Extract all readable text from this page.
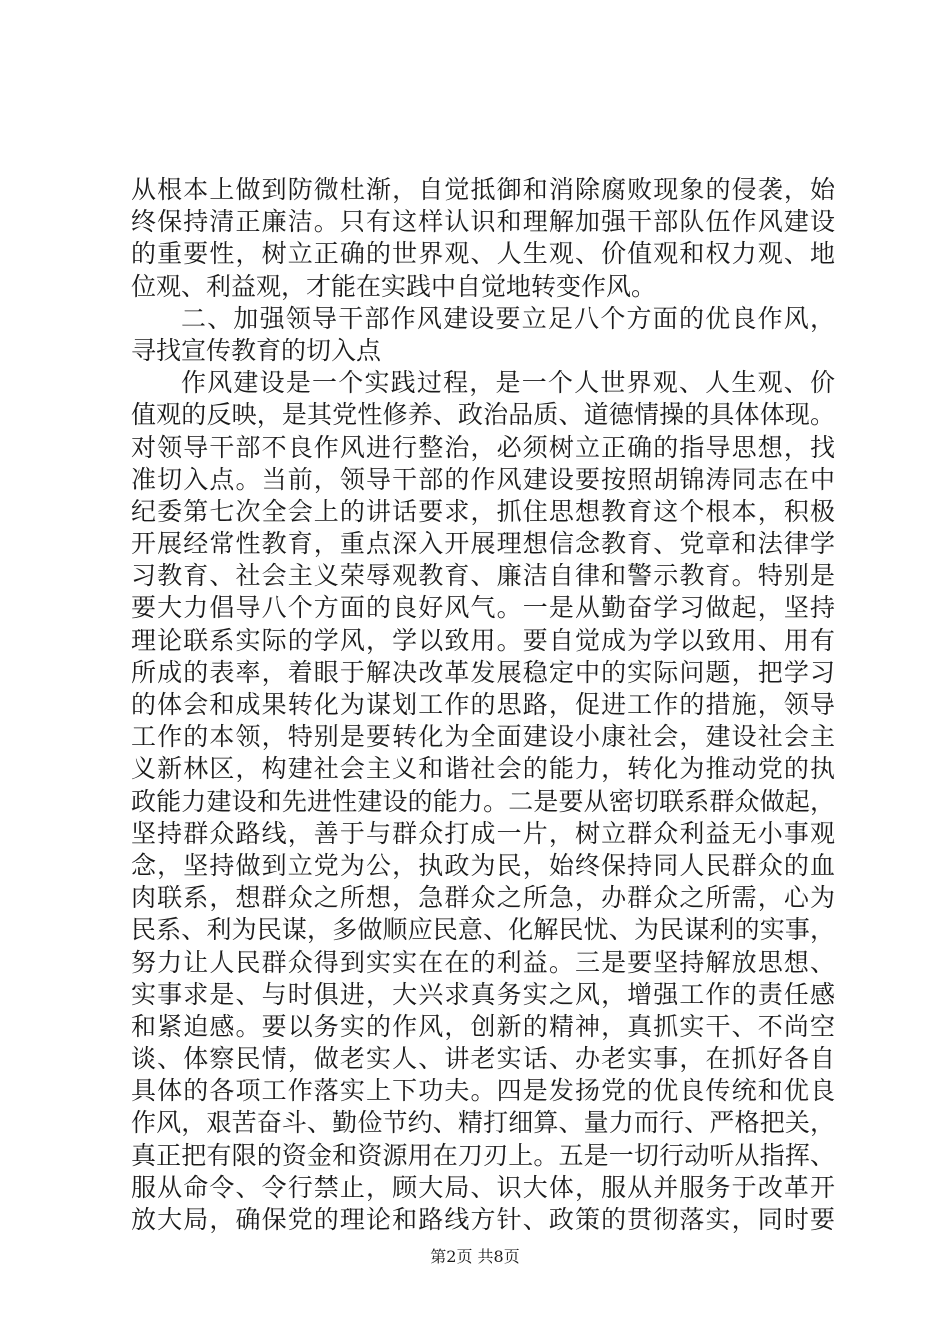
从根本上做到防微杜渐，自觉抵御和消除腐败现象的侵袭，始
终保持清正廉洁。只有这样认识和理解加强干部队伍作风建设
的重要性，树立正确的世界观、人生观、价值观和权力观、地
位观、利益观，才能在实践中自觉地转变作风。
二、加强领导干部作风建设要立足八个方面的优良作风，
寻找宣传教育的切入点
作风建设是一个实践过程，是一个人世界观、人生观、价
值观的反映，是其党性修养、政治品质、道德情操的具体体现。
对领导干部不良作风进行整治，必须树立正确的指导思想，找
准切入点。当前，领导干部的作风建设要按照胡锦涛同志在中
纪委第七次全会上的讲话要求，抓住思想教育这个根本，积极
开展经常性教育，重点深入开展理想信念教育、党章和法律学
习教育、社会主义荣辱观教育、廉洁自律和警示教育。特别是
要大力倡导八个方面的良好风气。一是从勤奋学习做起，坚持
理论联系实际的学风，学以致用。要自觉成为学以致用、用有
所成的表率，着眼于解决改革发展稳定中的实际问题，把学习
的体会和成果转化为谋划工作的思路，促进工作的措施，领导
工作的本领，特别是要转化为全面建设小康社会，建设社会主
义新林区，构建社会主义和谐社会的能力，转化为推动党的执
政能力建设和先进性建设的能力。二是要从密切联系群众做起，
坚持群众路线，善于与群众打成一片，树立群众利益无小事观
念，坚持做到立党为公，执政为民，始终保持同人民群众的血
肉联系，想群众之所想，急群众之所急，办群众之所需，心为
民系、利为民谋，多做顺应民意、化解民忧、为民谋利的实事，
努力让人民群众得到实实在在的利益。三是要坚持解放思想、
实事求是、与时俱进，大兴求真务实之风，增强工作的责任感
和紧迫感。要以务实的作风，创新的精神，真抓实干、不尚空
谈、体察民情，做老实人、讲老实话、办老实事，在抓好各自
具体的各项工作落实上下功夫。四是发扬党的优良传统和优良
作风，艰苦奋斗、勤俭节约、精打细算、量力而行、严格把关，
真正把有限的资金和资源用在刀刃上。五是一切行动听从指挥、
服从命令、令行禁止，顾大局、识大体，服从并服务于改革开
放大局，确保党的理论和路线方针、政策的贯彻落实，同时要
第2页 共8页
